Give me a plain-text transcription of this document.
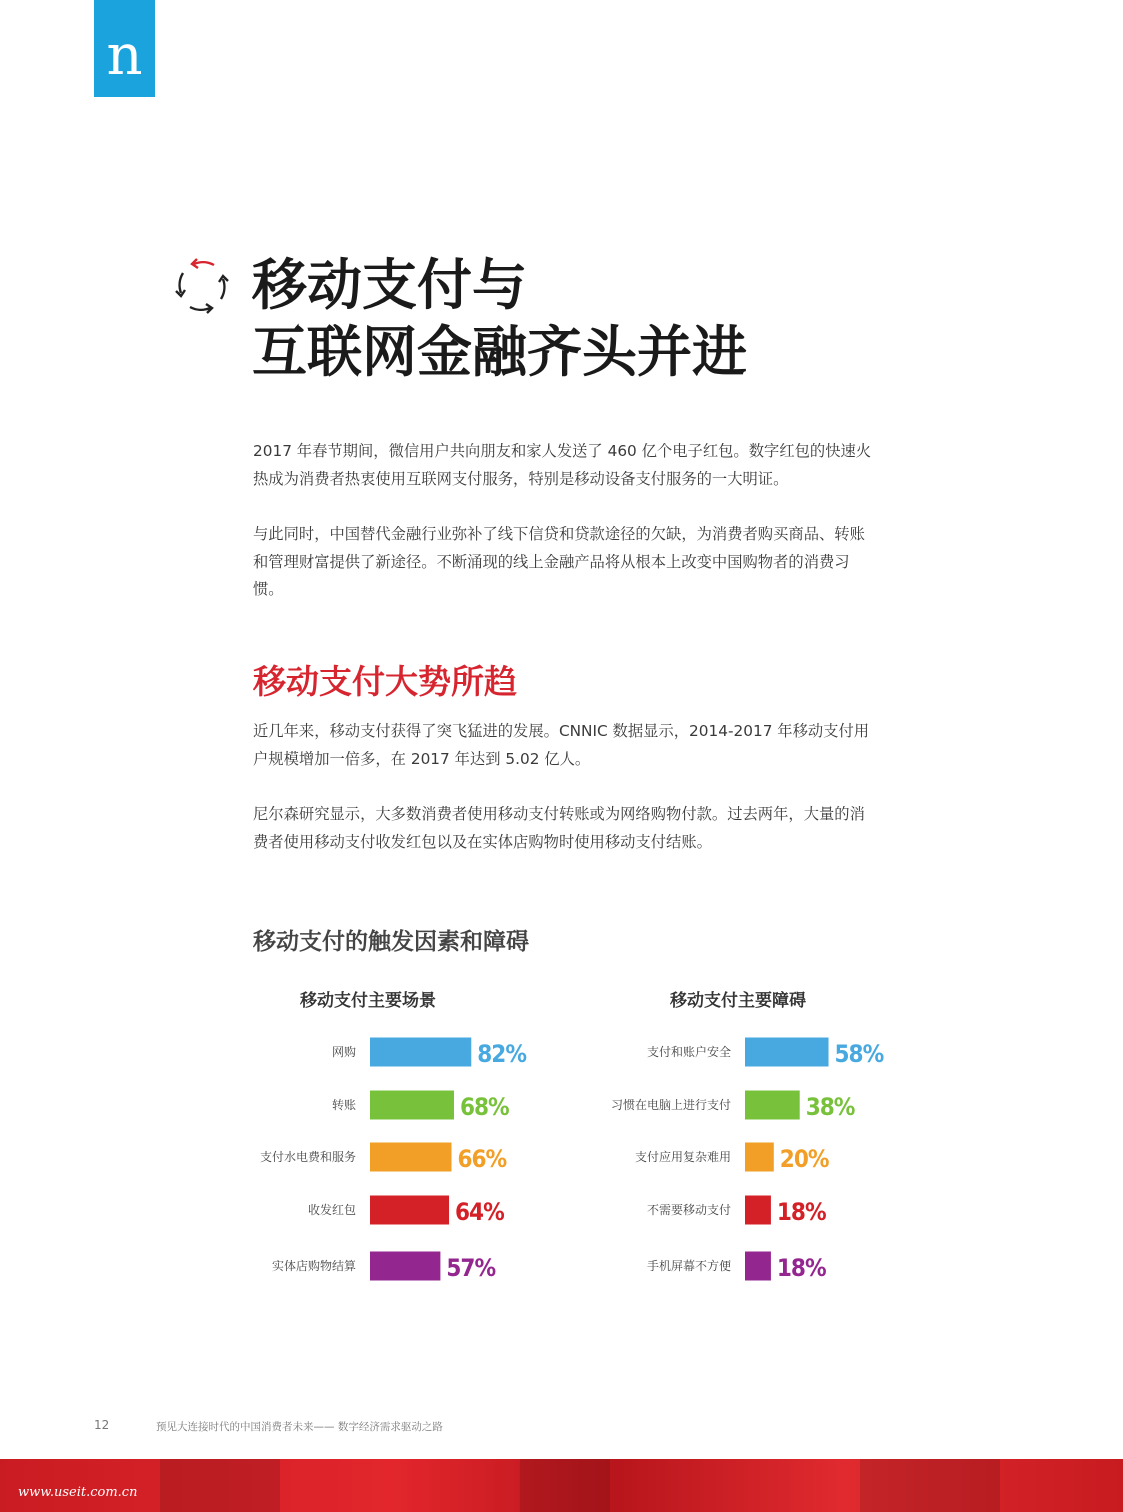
n
移动支付与
互联网金融齐头并进

2017 年春节期间，微信用户共向朋友和家人发送了 460 亿个电子红包。数字红包的快速火热成为消费者热衷使用互联网支付服务，特别是移动设备支付服务的一大明证。

与此同时，中国替代金融行业弥补了线下信贷和贷款途径的欠缺，为消费者购买商品、转账和管理财富提供了新途径。不断涌现的线上金融产品将从根本上改变中国购物者的消费习惯。

移动支付大势所趋

近几年来，移动支付获得了突飞猛进的发展。CNNIC 数据显示，2014-2017 年移动支付用户规模增加一倍多，在 2017 年达到 5.02 亿人。

尼尔森研究显示，大多数消费者使用移动支付转账或为网络购物付款。过去两年，大量的消费者使用移动支付收发红包以及在实体店购物时使用移动支付结账。

移动支付的触发因素和障碍
移动支付主要场景
网购	82%
转账	68%
支付水电费和服务	66%
收发红包	64%
实体店购物结算	57%
移动支付主要障碍
支付和账户安全	58%
习惯在电脑上进行支付	38%
支付应用复杂难用 20%
不需要移动支付 18%
手机屏幕不方便 18%
12	预见大连接时代的中国消费者未来—— 数字经济需求驱动之路
www.useit.com.cn
